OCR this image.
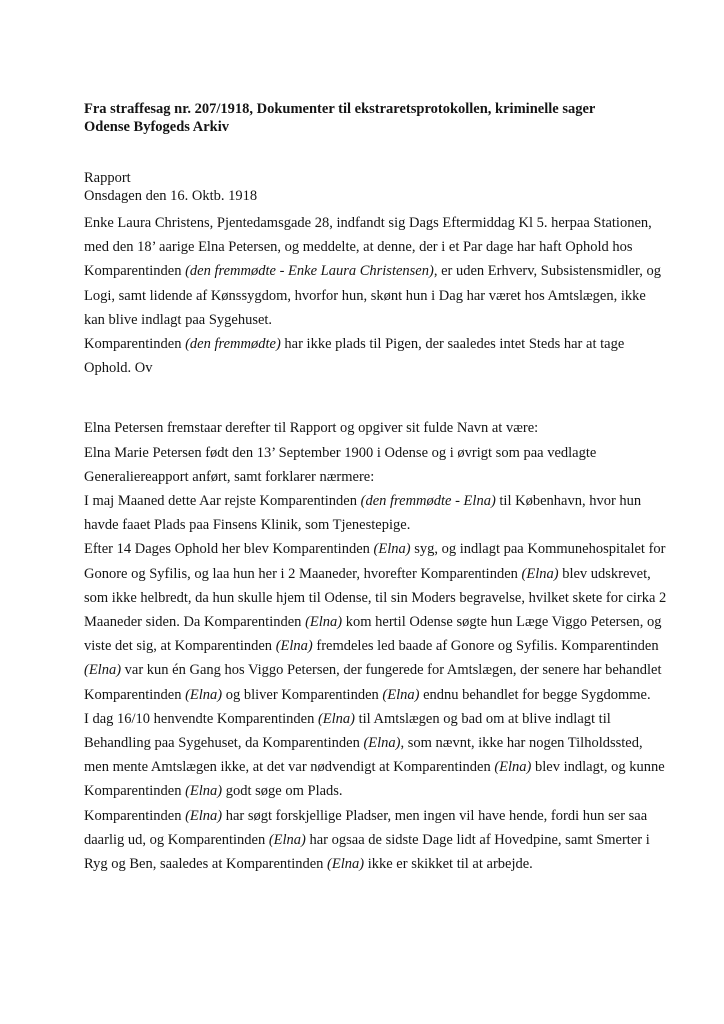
Fra straffesag nr. 207/1918, Dokumenter til ekstraretsprotokollen, kriminelle sager
Odense Byfogeds Arkiv
Rapport
Onsdagen den 16. Oktb. 1918
Enke Laura Christens, Pjentedamsgade 28, indfandt sig Dags Eftermiddag Kl 5. herpaa Stationen,
med den 18’ aarige Elna Petersen, og meddelte, at denne, der i et Par dage har haft Ophold hos
Komparentinden (den fremmødte - Enke Laura Christensen), er uden Erhverv, Subsistensmidler, og
Logi, samt lidende af Kønssygdom, hvorfor hun, skønt hun i Dag har været hos Amtslægen, ikke
kan blive indlagt paa Sygehuset.
Komparentinden (den fremmødte) har ikke plads til Pigen, der saaledes intet Steds har at tage
Ophold. Ov
Elna Petersen fremstaar derefter til Rapport og opgiver sit fulde Navn at være:
Elna Marie Petersen født den 13’ September 1900 i Odense og i øvrigt som paa vedlagte
Generaliereapport anført, samt forklarer nærmere:
I maj Maaned dette Aar rejste Komparentinden (den fremmødte - Elna) til København, hvor hun
havde faaet Plads paa Finsens Klinik, som Tjenestepige.
Efter 14 Dages Ophold her blev Komparentinden (Elna) syg, og indlagt paa Kommunehospitalet for
Gonore og Syfilis, og laa hun her i 2 Maaneder, hvorefter Komparentinden (Elna) blev udskrevet,
som ikke helbredt, da hun skulle hjem til Odense, til sin Moders begravelse, hvilket skete for cirka 2
Maaneder siden. Da Komparentinden (Elna) kom hertil Odense søgte hun Læge Viggo Petersen, og
viste det sig, at Komparentinden (Elna) fremdeles led baade af Gonore og Syfilis. Komparentinden
(Elna) var kun én Gang hos Viggo Petersen, der fungerede for Amtslægen, der senere har behandlet
Komparentinden (Elna) og bliver Komparentinden (Elna) endnu behandlet for begge Sygdomme.
I dag 16/10 henvendte Komparentinden (Elna) til Amtslægen og bad om at blive indlagt til
Behandling paa Sygehuset, da Komparentinden (Elna), som nævnt, ikke har nogen Tilholdssted,
men mente Amtslægen ikke, at det var nødvendigt at Komparentinden (Elna) blev indlagt, og kunne
Komparentinden (Elna) godt søge om Plads.
Komparentinden (Elna) har søgt forskjellige Pladser, men ingen vil have hende, fordi hun ser saa
daarlig ud, og Komparentinden (Elna) har ogsaa de sidste Dage lidt af Hovedpine, samt Smerter i
Ryg og Ben, saaledes at Komparentinden (Elna) ikke er skikket til at arbejde.
